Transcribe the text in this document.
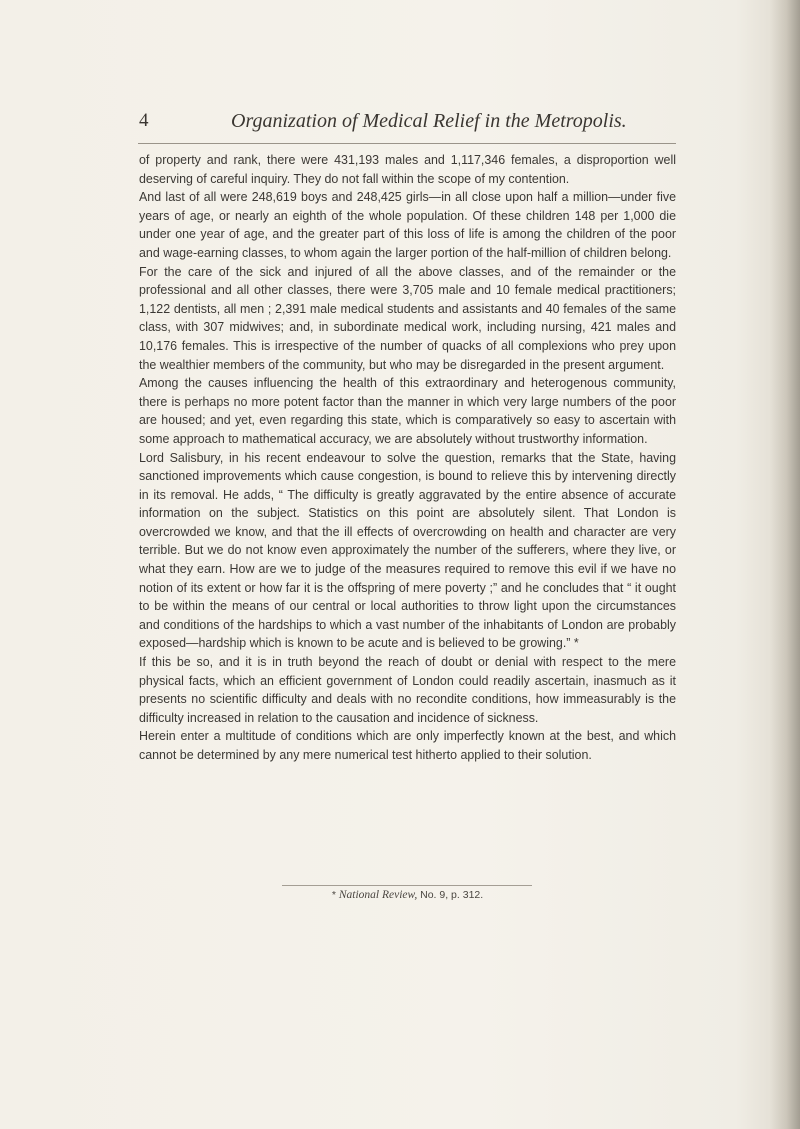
4	Organization of Medical Relief in the Metropolis.

of property and rank, there were 431,193 males and 1,117,346 females, a disproportion well deserving of careful inquiry. They do not fall within the scope of my contention.

And last of all were 248,619 boys and 248,425 girls—in all close upon half a million—under five years of age, or nearly an eighth of the whole population. Of these children 148 per 1,000 die under one year of age, and the greater part of this loss of life is among the children of the poor and wage-earning classes, to whom again the larger portion of the half-million of children belong.

For the care of the sick and injured of all the above classes, and of the remainder or the professional and all other classes, there were 3,705 male and 10 female medical practitioners; 1,122 dentists, all men ; 2,391 male medical students and assistants and 40 females of the same class, with 307 midwives; and, in subordinate medical work, including nursing, 421 males and 10,176 females. This is irrespective of the number of quacks of all complexions who prey upon the wealthier members of the community, but who may be disregarded in the present argument.

Among the causes influencing the health of this extraordinary and heterogenous community, there is perhaps no more potent factor than the manner in which very large numbers of the poor are housed; and yet, even regarding this state, which is comparatively so easy to ascertain with some approach to mathematical accuracy, we are absolutely without trustworthy information.

Lord Salisbury, in his recent endeavour to solve the question, remarks that the State, having sanctioned improvements which cause congestion, is bound to relieve this by intervening directly in its removal. He adds, “ The difficulty is greatly aggravated by the entire absence of accurate information on the subject. Statistics on this point are absolutely silent. That London is overcrowded we know, and that the ill effects of overcrowding on health and character are very terrible. But we do not know even approximately the number of the sufferers, where they live, or what they earn. How are we to judge of the measures required to remove this evil if we have no notion of its extent or how far it is the offspring of mere poverty ;” and he concludes that “ it ought to be within the means of our central or local authorities to throw light upon the circumstances and conditions of the hardships to which a vast number of the inhabitants of London are probably exposed—hardship which is known to be acute and is believed to be growing.” *

If this be so, and it is in truth beyond the reach of doubt or denial with respect to the mere physical facts, which an efficient government of London could readily ascertain, inasmuch as it presents no scientific difficulty and deals with no recondite conditions, how immeasurably is the difficulty increased in relation to the causation and incidence of sickness.

Herein enter a multitude of conditions which are only imperfectly known at the best, and which cannot be determined by any mere numerical test hitherto applied to their solution.

* National Review, No. 9, p. 312.
